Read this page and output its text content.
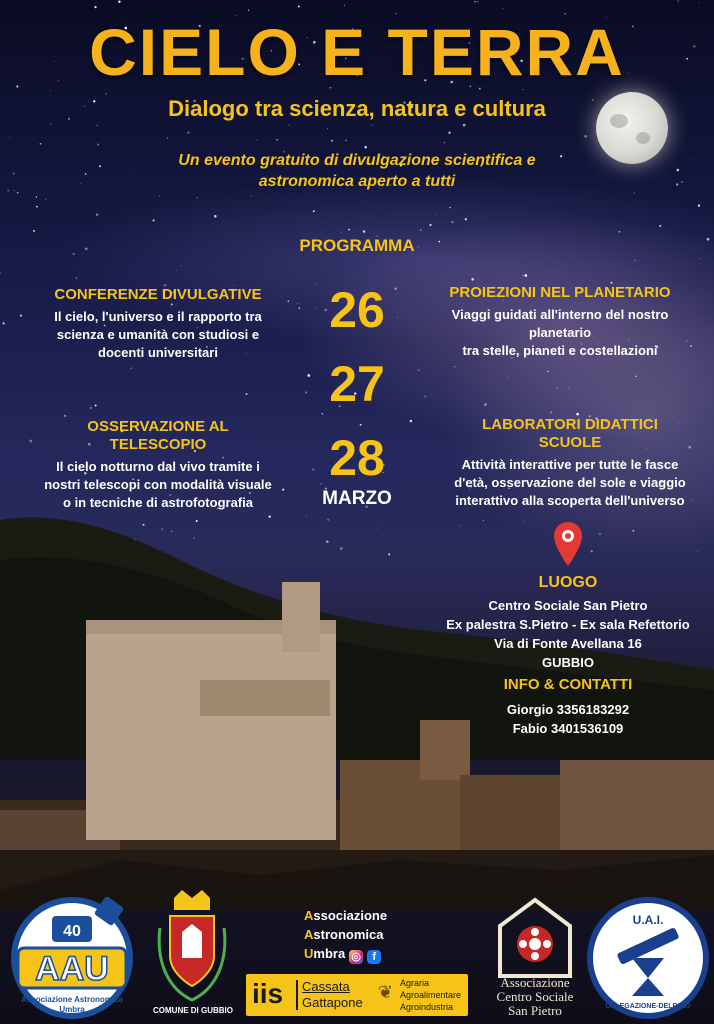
CIELO E TERRA
Dialogo tra scienza, natura e cultura
Un evento gratuito di divulgazione scientifica e
astronomica aperto a tutti
PROGRAMMA
CONFERENZE DIVULGATIVE
Il cielo, l'universo e il rapporto tra
scienza e umanità con studiosi e
docenti universitari
PROIEZIONI NEL PLANETARIO
Viaggi guidati all'interno del nostro
planetario
tra stelle, pianeti e costellazioni
OSSERVAZIONE AL
TELESCOPIO
Il cielo notturno dal vivo tramite i
nostri telescopi con modalità visuale
o in tecniche di astrofotografia
LABORATORI DIDATTICI
SCUOLE
Attività interattive per tutte le fasce
d'età, osservazione del sole e viaggio
interattivo alla scoperta dell'universo
26
27
28
MARZO
LUOGO
Centro Sociale San Pietro
Ex palestra S.Pietro - Ex sala Refettorio
Via di Fonte Avellana 16
GUBBIO
INFO & CONTATTI
Giorgio 3356183292
Fabio 3401536109
40
AAU
Associazione Astronomica
Umbra	COMUNE DI GUBBIO
Associazione
Astronomica
Umbra ◎ f
iis Cassata
Gattapone
❦ Agraria
Agroalimentare
Agroindustria
Associazione
Centro Sociale
San Pietro
U.A.I.
DELEGAZIONE-DELPG03
